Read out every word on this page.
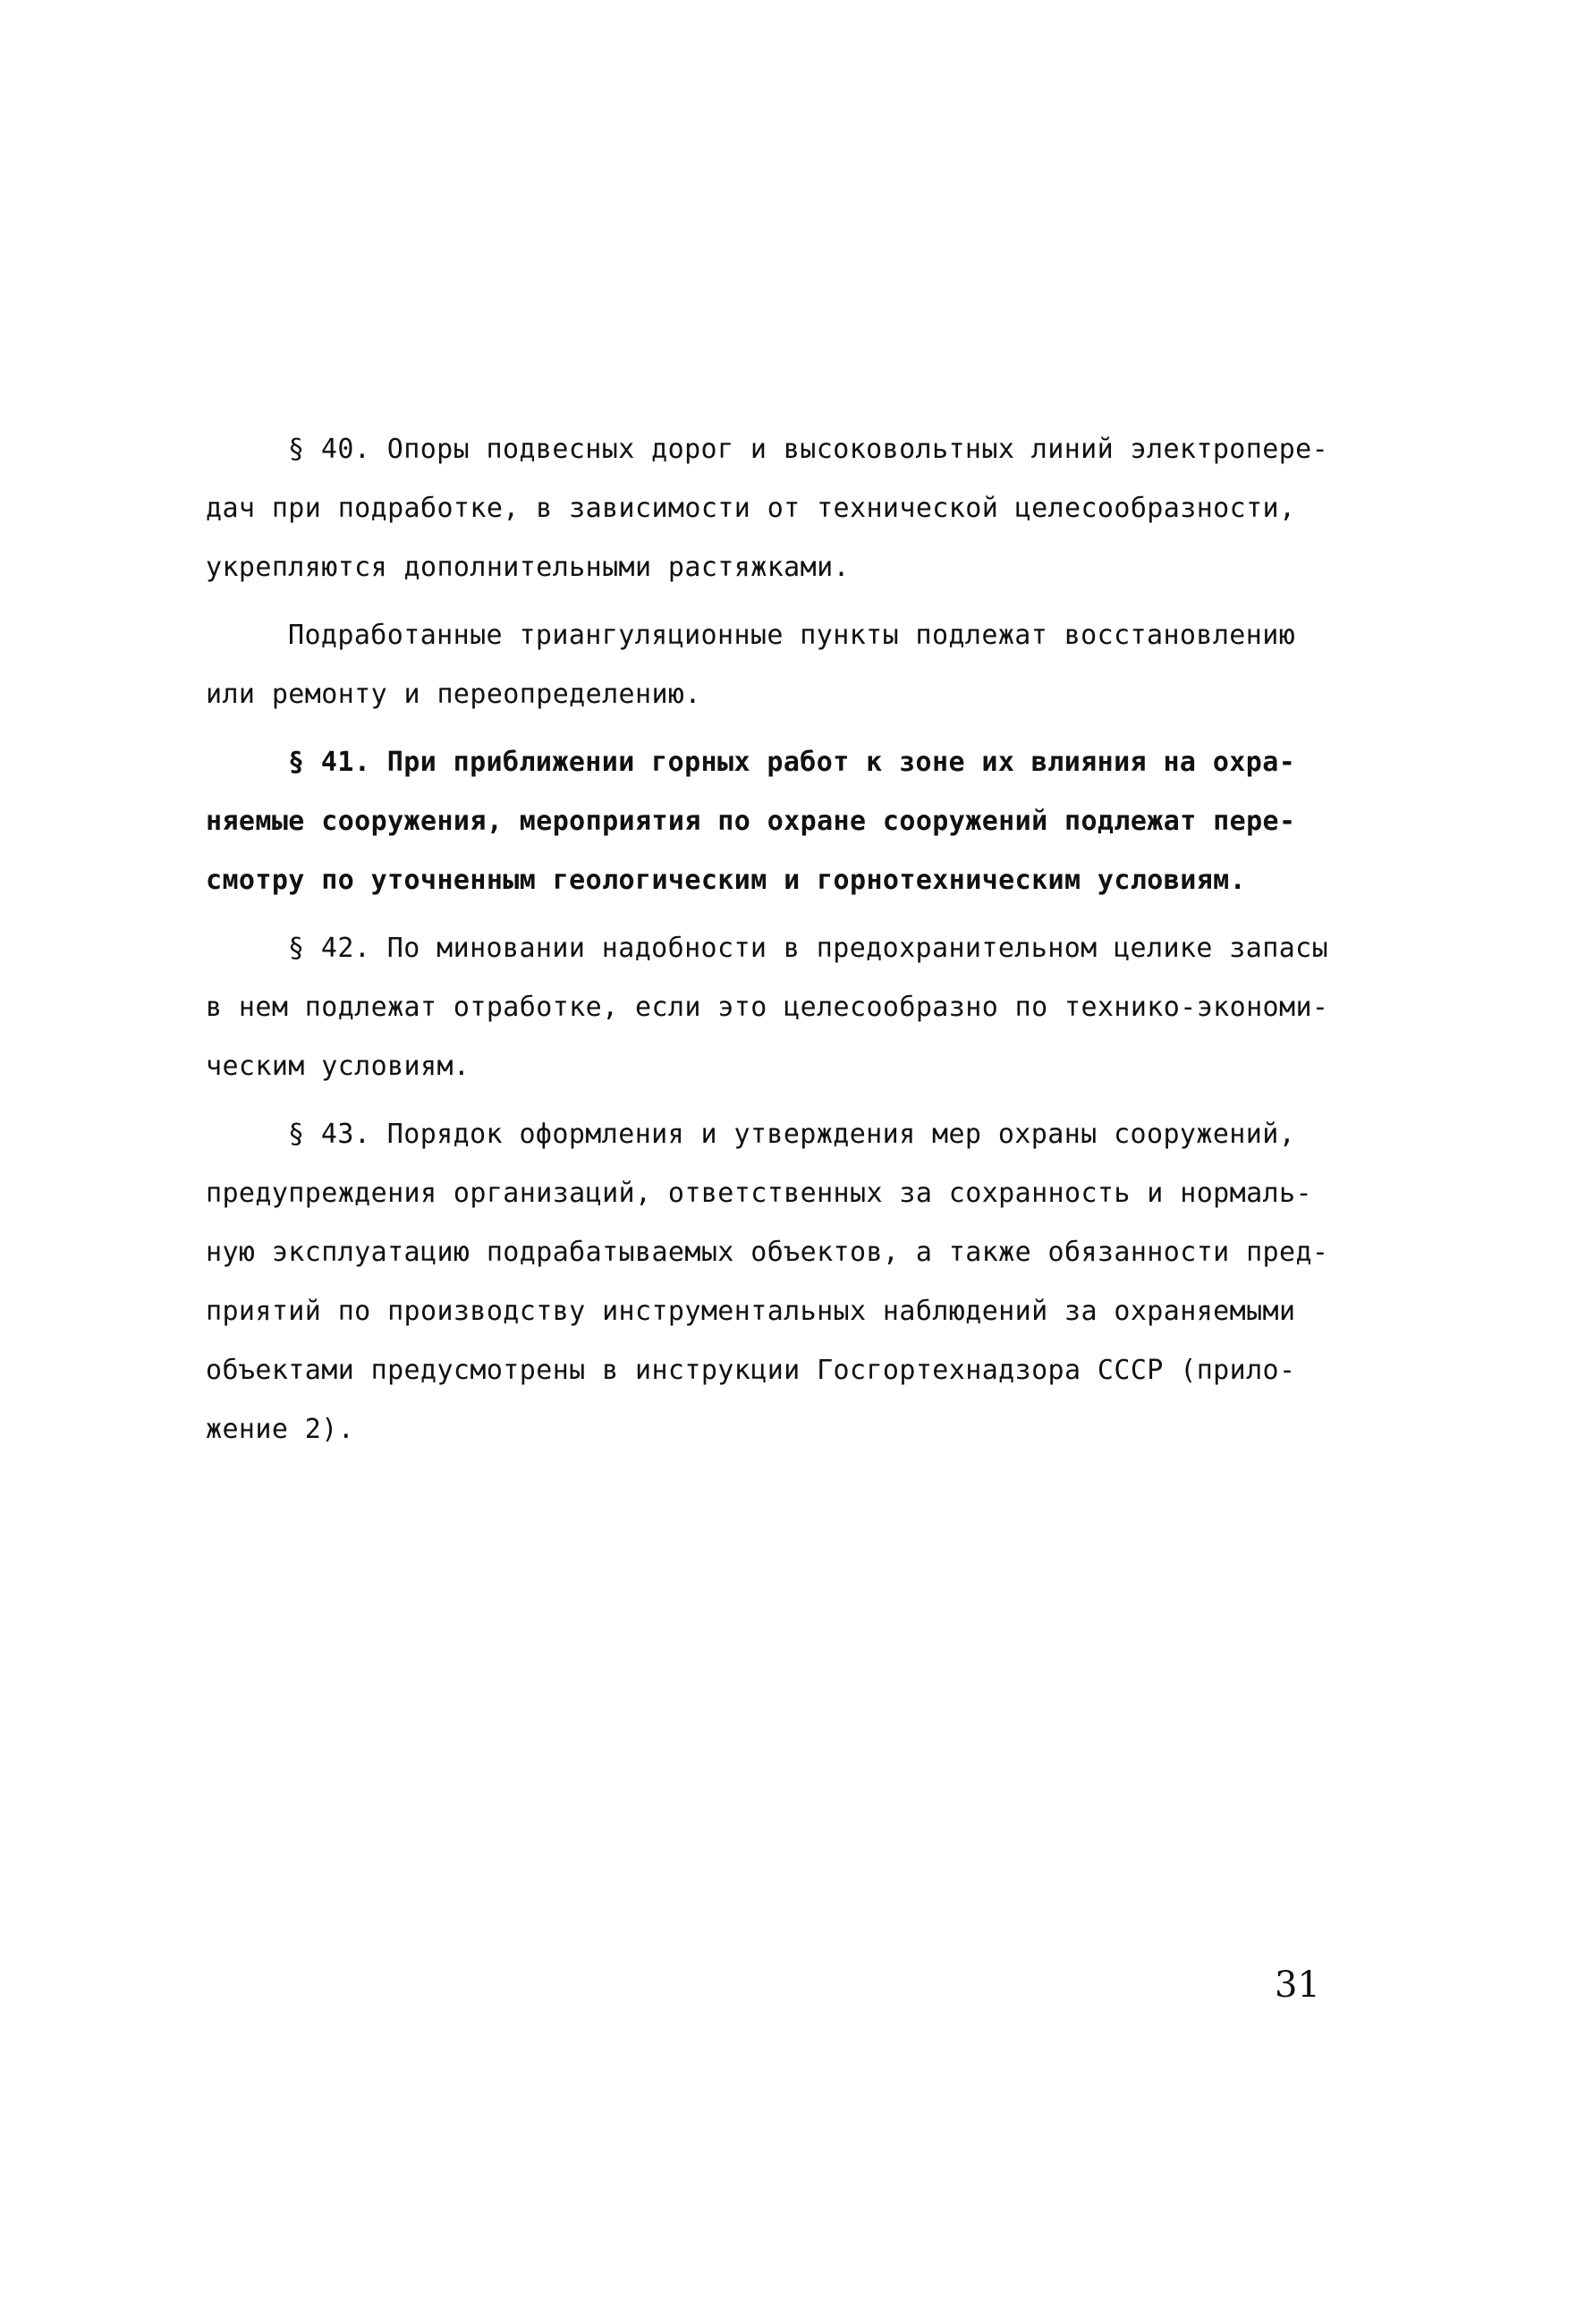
§ 40. Опоры подвесных дорог и высоковольтных линий электропере-
дач при подработке, в зависимости от технической целесообразности,
укрепляются дополнительными растяжками.
Подработанные триангуляционные пункты подлежат восстановлению
или ремонту и переопределению.
§ 41. При приближении горных работ к зоне их влияния на охра-
няемые сооружения, мероприятия по охране сооружений подлежат пере-
смотру по уточненным геологическим и горнотехническим условиям.
§ 42. По миновании надобности в предохранительном целике запасы
в нем подлежат отработке, если это целесообразно по технико-экономи-
ческим условиям.
§ 43. Порядок оформления и утверждения мер охраны сооружений,
предупреждения организаций, ответственных за сохранность и нормаль-
ную эксплуатацию подрабатываемых объектов, а также обязанности пред-
приятий по производству инструментальных наблюдений за охраняемыми
объектами предусмотрены в инструкции Госгортехнадзора СССР (прило-
жение 2).
31
